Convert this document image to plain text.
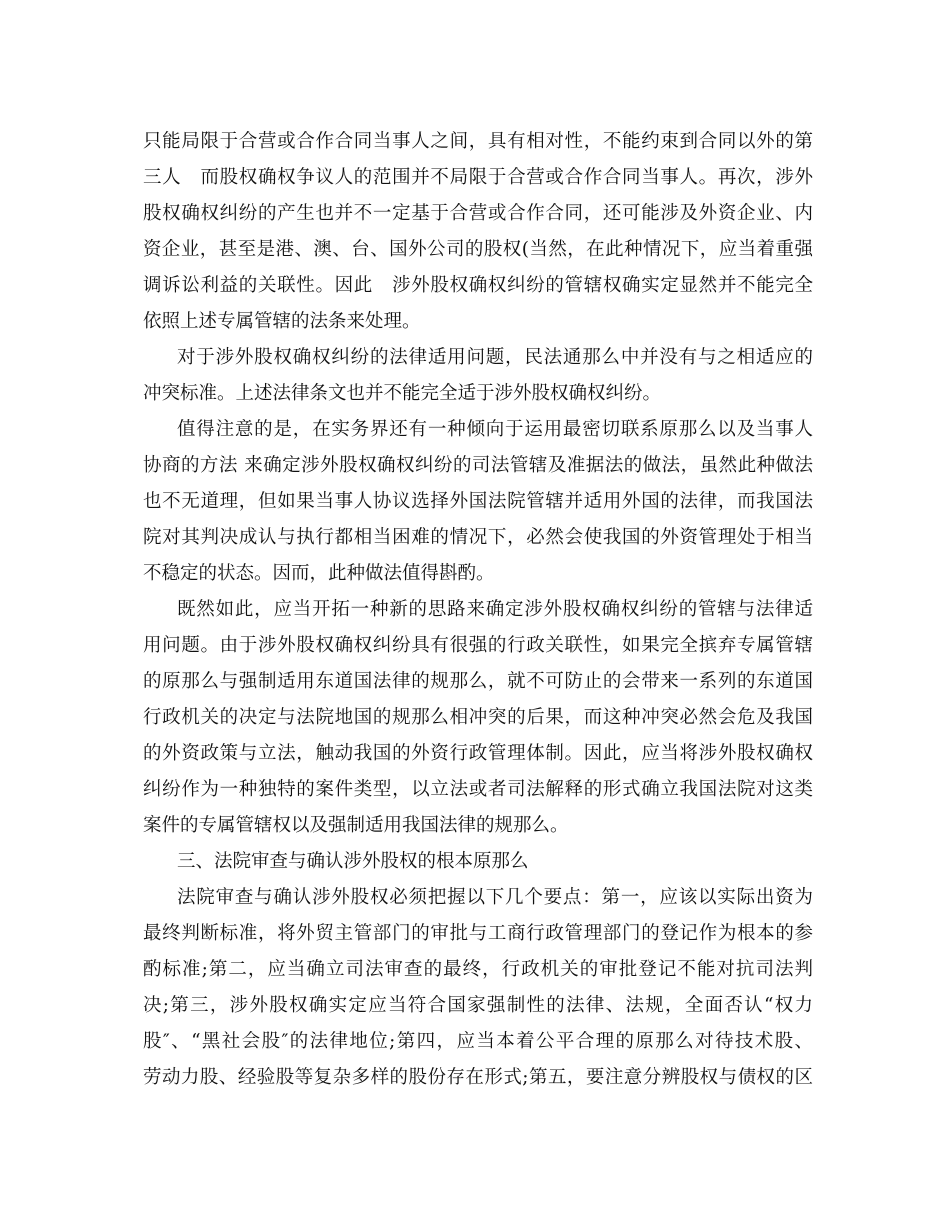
只能局限于合营或合作合同当事人之间，具有相对性，不能约束到合同以外的第
三人　而股权确权争议人的范围并不局限于合营或合作合同当事人。再次，涉外
股权确权纠纷的产生也并不一定基于合营或合作合同，还可能涉及外资企业、内
资企业，甚至是港、澳、台、国外公司的股权(当然，在此种情况下，应当着重强
调诉讼利益的关联性。因此　涉外股权确权纠纷的管辖权确实定显然并不能完全
依照上述专属管辖的法条来处理。
对于涉外股权确权纠纷的法律适用问题，民法通那么中并没有与之相适应的
冲突标准。上述法律条文也并不能完全适于涉外股权确权纠纷。
值得注意的是，在实务界还有一种倾向于运用最密切联系原那么以及当事人
协商的方法 来确定涉外股权确权纠纷的司法管辖及准据法的做法，虽然此种做法
也不无道理，但如果当事人协议选择外国法院管辖并适用外国的法律，而我国法
院对其判决成认与执行都相当困难的情况下，必然会使我国的外资管理处于相当
不稳定的状态。因而，此种做法值得斟酌。
既然如此，应当开拓一种新的思路来确定涉外股权确权纠纷的管辖与法律适
用问题。由于涉外股权确权纠纷具有很强的行政关联性，如果完全摈弃专属管辖
的原那么与强制适用东道国法律的规那么，就不可防止的会带来一系列的东道国
行政机关的决定与法院地国的规那么相冲突的后果，而这种冲突必然会危及我国
的外资政策与立法，触动我国的外资行政管理体制。因此，应当将涉外股权确权
纠纷作为一种独特的案件类型，以立法或者司法解释的形式确立我国法院对这类
案件的专属管辖权以及强制适用我国法律的规那么。
三、法院审查与确认涉外股权的根本原那么
法院审查与确认涉外股权必须把握以下几个要点：第一，应该以实际出资为
最终判断标准，将外贸主管部门的审批与工商行政管理部门的登记作为根本的参
酌标准;第二，应当确立司法审查的最终，行政机关的审批登记不能对抗司法判
决;第三，涉外股权确实定应当符合国家强制性的法律、法规，全面否认“权力
股″、“黑社会股″的法律地位;第四，应当本着公平合理的原那么对待技术股、
劳动力股、经验股等复杂多样的股份存在形式;第五，要注意分辨股权与债权的区
